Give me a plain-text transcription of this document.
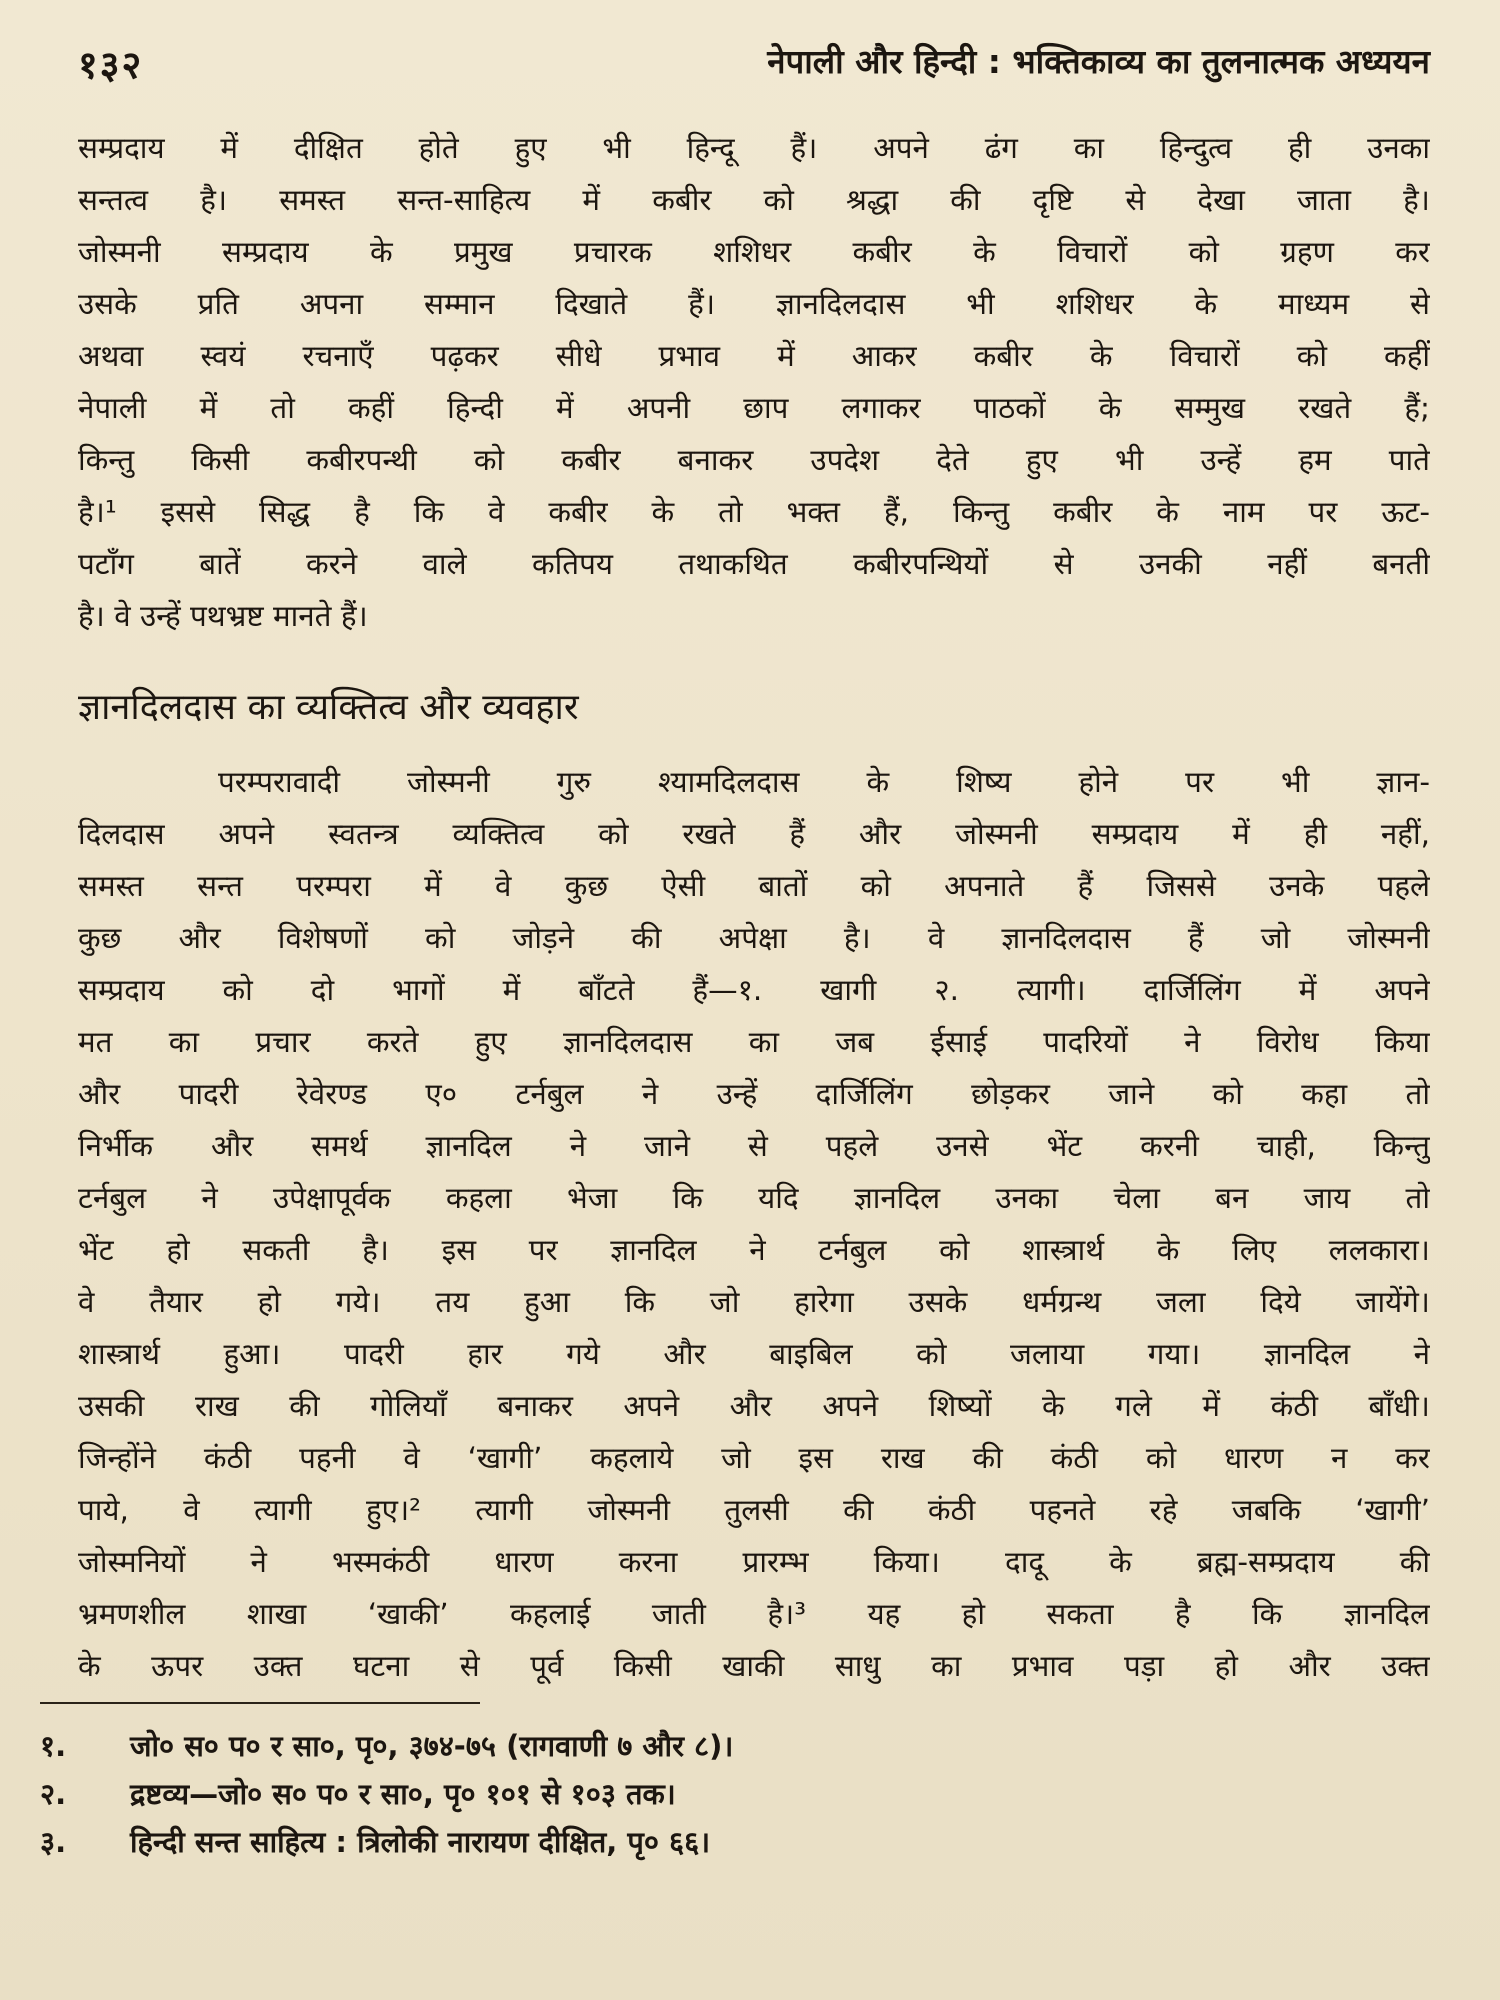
१३२	नेपाली और हिन्दी : भक्तिकाव्य का तुलनात्मक अध्ययन

सम्प्रदाय में दीक्षित होते हुए भी हिन्दू हैं। अपने ढंग का हिन्दुत्व ही उनका

सन्तत्व है। समस्त सन्त-साहित्य में कबीर को श्रद्धा की दृष्टि से देखा जाता है।

जोस्मनी सम्प्रदाय के प्रमुख प्रचारक शशिधर कबीर के विचारों को ग्रहण कर

उसके प्रति अपना सम्मान दिखाते हैं। ज्ञानदिलदास भी शशिधर के माध्यम से

अथवा स्वयं रचनाएँ पढ़कर सीधे प्रभाव में आकर कबीर के विचारों को कहीं

नेपाली में तो कहीं हिन्दी में अपनी छाप लगाकर पाठकों के सम्मुख रखते हैं;

किन्तु किसी कबीरपन्थी को कबीर बनाकर उपदेश देते हुए भी उन्हें हम पाते

है।¹ इससे सिद्ध है कि वे कबीर के तो भक्त हैं, किन्तु कबीर के नाम पर ऊट-

पटाँग बातें करने वाले कतिपय तथाकथित कबीरपन्थियों से उनकी नहीं बनती

है। वे उन्हें पथभ्रष्ट मानते हैं।

ज्ञानदिलदास का व्यक्तित्व और व्यवहार

परम्परावादी जोस्मनी गुरु श्यामदिलदास के शिष्य होने पर भी ज्ञान-

दिलदास अपने स्वतन्त्र व्यक्तित्व को रखते हैं और जोस्मनी सम्प्रदाय में ही नहीं,

समस्त सन्त परम्परा में वे कुछ ऐसी बातों को अपनाते हैं जिससे उनके पहले

कुछ और विशेषणों को जोड़ने की अपेक्षा है। वे ज्ञानदिलदास हैं जो जोस्मनी

सम्प्रदाय को दो भागों में बाँटते हैं—१. खागी २. त्यागी। दार्जिलिंग में अपने

मत का प्रचार करते हुए ज्ञानदिलदास का जब ईसाई पादरियों ने विरोध किया

और पादरी रेवेरण्ड ए० टर्नबुल ने उन्हें दार्जिलिंग छोड़कर जाने को कहा तो

निर्भीक और समर्थ ज्ञानदिल ने जाने से पहले उनसे भेंट करनी चाही, किन्तु

टर्नबुल ने उपेक्षापूर्वक कहला भेजा कि यदि ज्ञानदिल उनका चेला बन जाय तो

भेंट हो सकती है। इस पर ज्ञानदिल ने टर्नबुल को शास्त्रार्थ के लिए ललकारा।

वे तैयार हो गये। तय हुआ कि जो हारेगा उसके धर्मग्रन्थ जला दिये जायेंगे।

शास्त्रार्थ हुआ। पादरी हार गये और बाइबिल को जलाया गया। ज्ञानदिल ने

उसकी राख की गोलियाँ बनाकर अपने और अपने शिष्यों के गले में कंठी बाँधी।

जिन्होंने कंठी पहनी वे ‘खागी’ कहलाये जो इस राख की कंठी को धारण न कर

पाये, वे त्यागी हुए।² त्यागी जोस्मनी तुलसी की कंठी पहनते रहे जबकि ‘खागी’

जोस्मनियों ने भस्मकंठी धारण करना प्रारम्भ किया। दादू के ब्रह्म-सम्प्रदाय की

भ्रमणशील शाखा ‘खाकी’ कहलाई जाती है।³ यह हो सकता है कि ज्ञानदिल

के ऊपर उक्त घटना से पूर्व किसी खाकी साधु का प्रभाव पड़ा हो और उक्त

१.	जो० स० प० र सा०, पृ०, ३७४-७५ (रागवाणी ७ और ८)।
२.	द्रष्टव्य—जो० स० प० र सा०, पृ० १०१ से १०३ तक।
३.	हिन्दी सन्त साहित्य : त्रिलोकी नारायण दीक्षित, पृ० ६६।
